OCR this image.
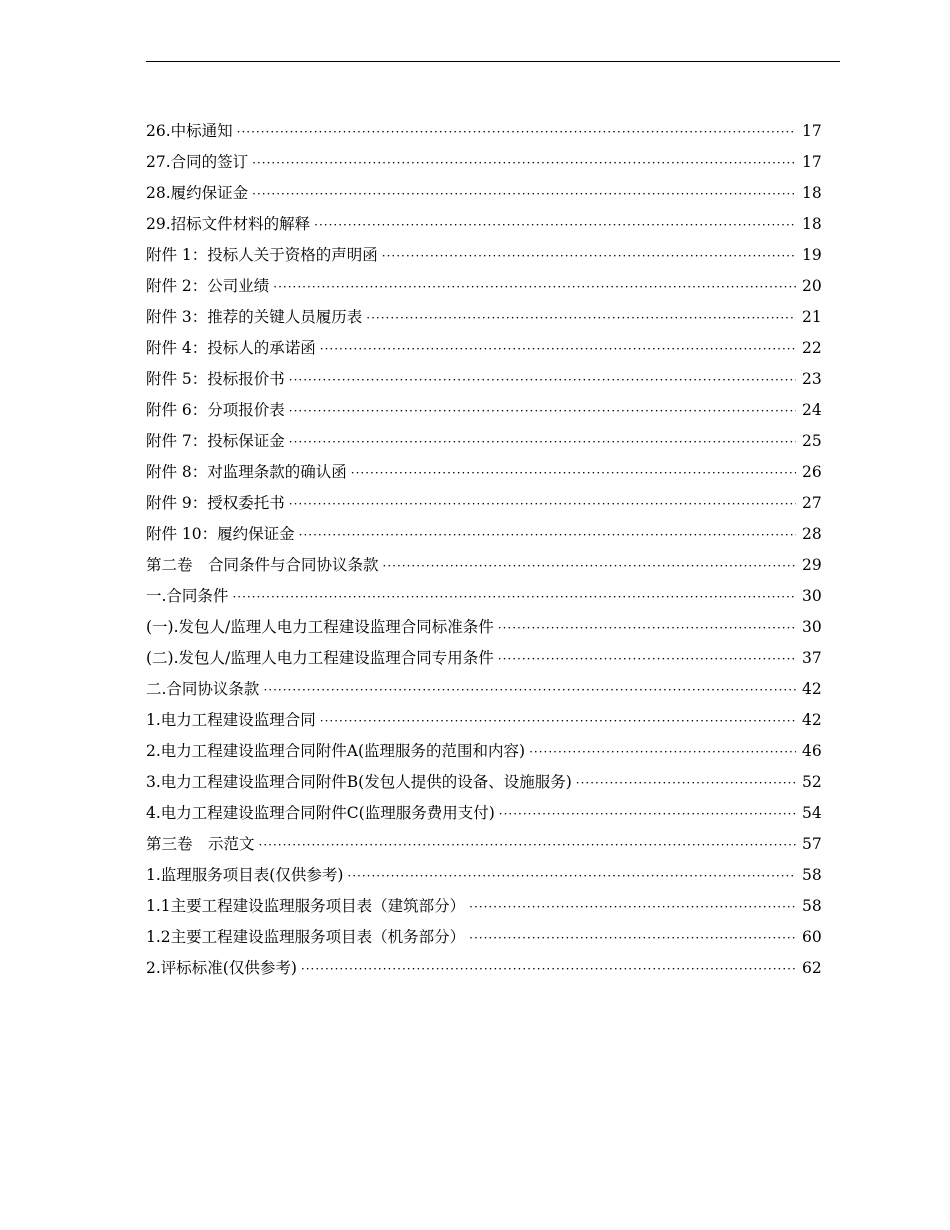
26.中标通知 ·····	17
27.合同的签订 ·····	17
28.履约保证金 ·····	18
29.招标文件材料的解释 ·····	18
附件 1：投标人关于资格的声明函 ·····	19
附件 2：公司业绩 ·····	20
附件 3：推荐的关键人员履历表 ·····	21
附件 4：投标人的承诺函 ·····	22
附件 5：投标报价书 ·····	23
附件 6：分项报价表 ·····	24
附件 7：投标保证金 ·····	25
附件 8：对监理条款的确认函 ·····	26
附件 9：授权委托书 ·····	27
附件 10：履约保证金 ·····	28
第二卷　合同条件与合同协议条款 ·····	29
一.合同条件 ·····	30
(一).发包人/监理人电力工程建设监理合同标准条件 ·····	30
(二).发包人/监理人电力工程建设监理合同专用条件 ·····	37
二.合同协议条款 ·····	42
1.电力工程建设监理合同 ·····	42
2.电力工程建设监理合同附件A(监理服务的范围和内容) ·····	46
3.电力工程建设监理合同附件B(发包人提供的设备、设施服务) ·····	52
4.电力工程建设监理合同附件C(监理服务费用支付) ·····	54
第三卷　示范文 ·····	57
1.监理服务项目表(仅供参考) ·····	58
1.1主要工程建设监理服务项目表（建筑部分） ·····	58
1.2主要工程建设监理服务项目表（机务部分） ·····	60
2.评标标准(仅供参考) ·····	62
